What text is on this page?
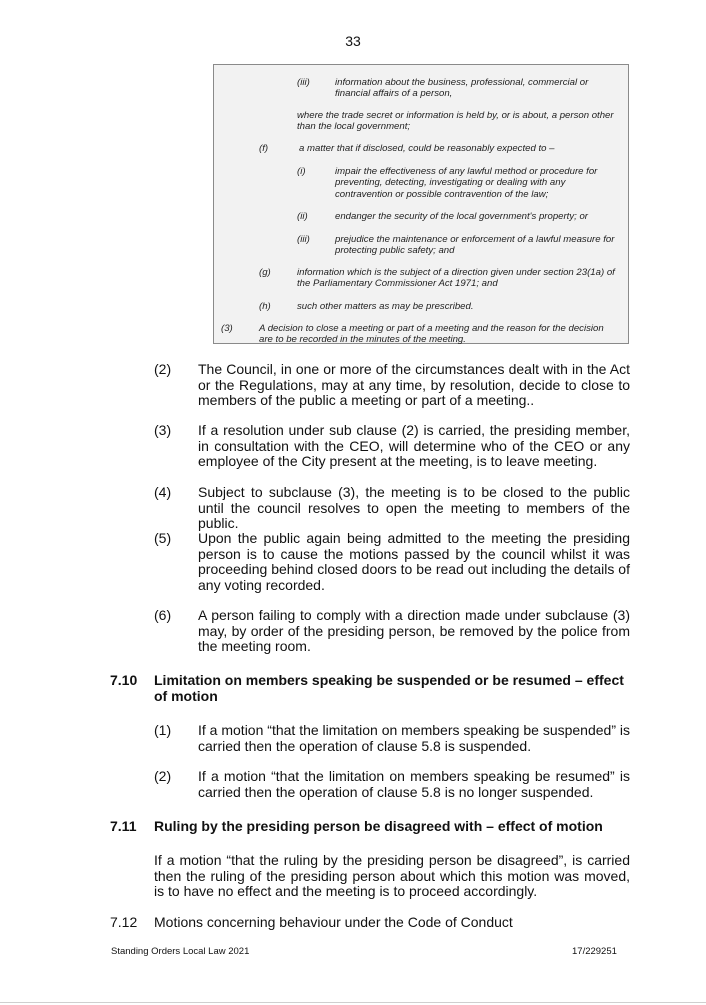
33
(iii)	information about the business, professional, commercial or financial affairs of a person,
where the trade secret or information is held by, or is about, a person other than the local government;
(f)	a matter that if disclosed, could be reasonably expected to –
(i)	impair the effectiveness of any lawful method or procedure for preventing, detecting, investigating or dealing with any contravention or possible contravention of the law;
(ii)	endanger the security of the local government's property; or
(iii)	prejudice the maintenance or enforcement of a lawful measure for protecting public safety; and
(g)	information which is the subject of a direction given under section 23(1a) of the Parliamentary Commissioner Act 1971; and
(h)	such other matters as may be prescribed.
(3)	A decision to close a meeting or part of a meeting and the reason for the decision are to be recorded in the minutes of the meeting.
(2) The Council, in one or more of the circumstances dealt with in the Act or the Regulations, may at any time, by resolution, decide to close to members of the public a meeting or part of a meeting..
(3) If a resolution under sub clause (2) is carried, the presiding member, in consultation with the CEO, will determine who of the CEO or any employee of the City present at the meeting, is to leave meeting.
(4) Subject to subclause (3), the meeting is to be closed to the public until the council resolves to open the meeting to members of the public.
(5) Upon the public again being admitted to the meeting the presiding person is to cause the motions passed by the council whilst it was proceeding behind closed doors to be read out including the details of any voting recorded.
(6) A person failing to comply with a direction made under subclause (3) may, by order of the presiding person, be removed by the police from the meeting room.
7.10 Limitation on members speaking be suspended or be resumed – effect of motion
(1) If a motion “that the limitation on members speaking be suspended” is carried then the operation of clause 5.8 is suspended.
(2) If a motion “that the limitation on members speaking be resumed” is carried then the operation of clause 5.8 is no longer suspended.
7.11 Ruling by the presiding person be disagreed with – effect of motion
If a motion “that the ruling by the presiding person be disagreed”, is carried then the ruling of the presiding person about which this motion was moved, is to have no effect and the meeting is to proceed accordingly.
7.12 Motions concerning behaviour under the Code of Conduct
Standing Orders Local Law 2021	17/229251
